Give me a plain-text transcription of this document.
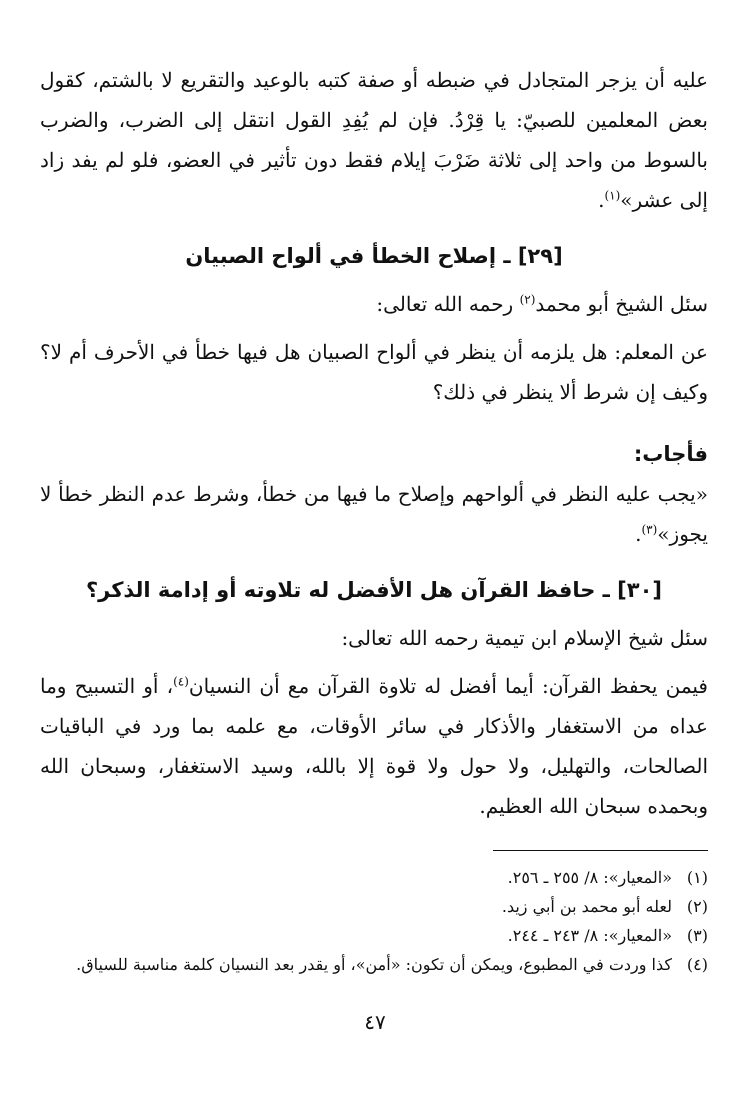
عليه أن يزجر المتجادل في ضبطه أو صفة كتبه بالوعيد والتقريع لا بالشتم، كقول بعض المعلمين للصبيّ: يا قِرْدُ. فإن لم يُفِدِ القول انتقل إلى الضرب، والضرب بالسوط من واحد إلى ثلاثة ضَرْبَ إيلام فقط دون تأثير في العضو، فلو لم يفد زاد إلى عشر»$^{(١)}$.

[٢٩] ـ إصلاح الخطأ في ألواح الصبيان

سئل الشيخ أبو محمد$^{(٢)}$ رحمه الله تعالى:

عن المعلم: هل يلزمه أن ينظر في ألواح الصبيان هل فيها خطأ في الأحرف أم لا؟ وكيف إن شرط ألا ينظر في ذلك؟

فأجاب:

«يجب عليه النظر في ألواحهم وإصلاح ما فيها من خطأ، وشرط عدم النظر خطأ لا يجوز»$^{(٣)}$.

[٣٠] ـ حافظ القرآن هل الأفضل له تلاوته أو إدامة الذكر؟

سئل شيخ الإسلام ابن تيمية رحمه الله تعالى:

فيمن يحفظ القرآن: أيما أفضل له تلاوة القرآن مع أن النسيان$^{(٤)}$، أو التسبيح وما عداه من الاستغفار والأذكار في سائر الأوقات، مع علمه بما ورد في الباقيات الصالحات، والتهليل، ولا حول ولا قوة إلا بالله، وسيد الاستغفار، وسبحان الله وبحمده سبحان الله العظيم.

(١)
«المعيار»: ٨/ ٢٥٥ ـ ٢٥٦.
(٢)
لعله أبو محمد بن أبي زيد.
(٣)
«المعيار»: ٨/ ٢٤٣ ـ ٢٤٤.
(٤)
كذا وردت في المطبوع، ويمكن أن تكون: «أمن»، أو يقدر بعد النسيان كلمة مناسبة للسياق.
٤٧
